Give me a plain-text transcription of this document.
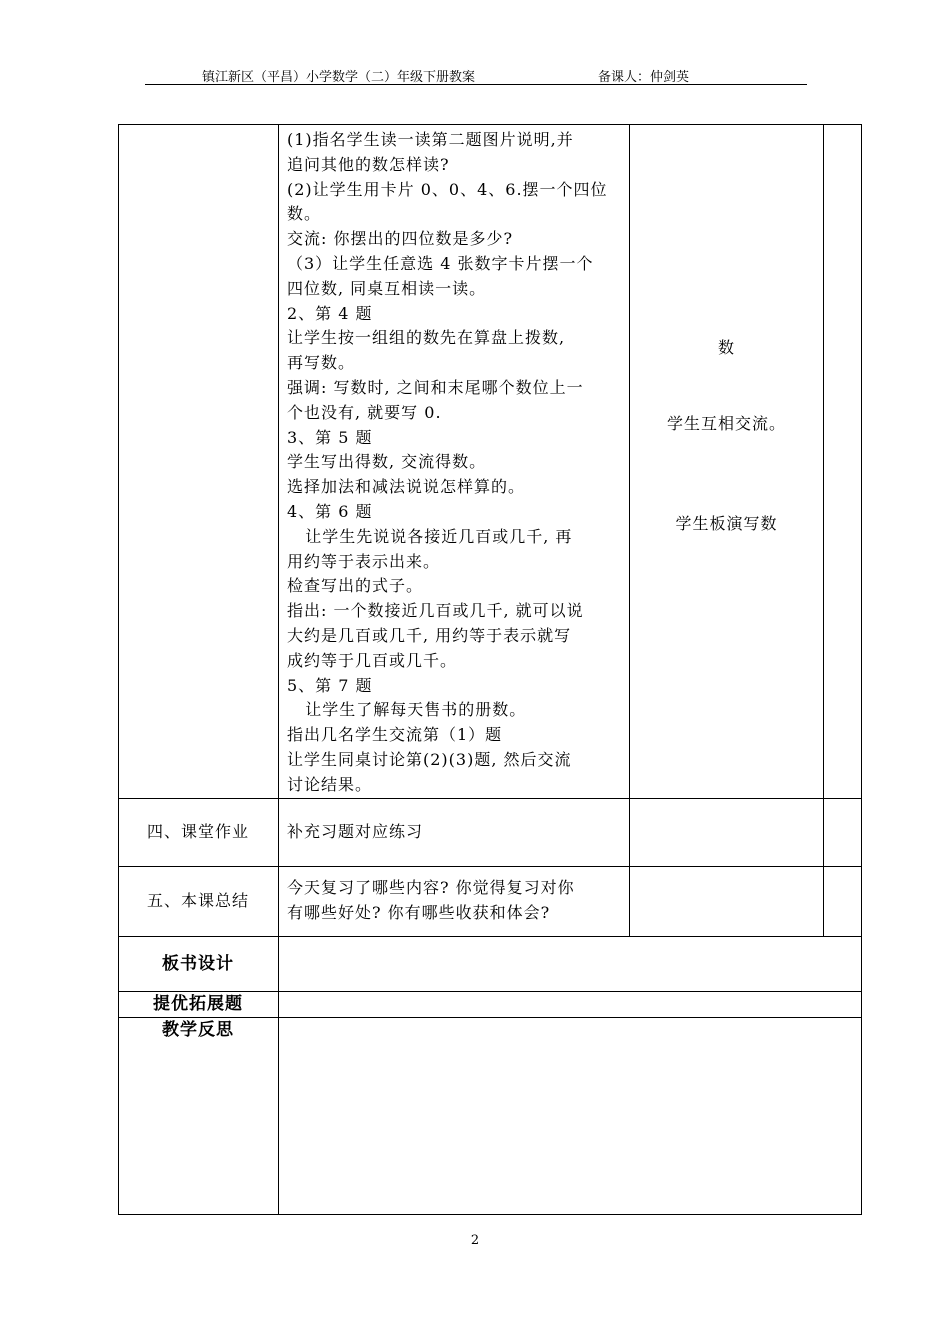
镇江新区（平昌）小学数学（二）年级下册教案	备课人：仲剑英
(1)指名学生读一读第二题图片说明,并
追问其他的数怎样读?
(2)让学生用卡片 0、0、4、6.摆一个四位
数。
交流: 你摆出的四位数是多少?
（3）让学生任意选 4 张数字卡片摆一个
四位数, 同桌互相读一读。
2、第 4 题
让学生按一组组的数先在算盘上拨数,
再写数。
强调: 写数时, 之间和末尾哪个数位上一
个也没有, 就要写 0.
3、第 5 题
学生写出得数, 交流得数。
选择加法和减法说说怎样算的。
4、第 6 题
让学生先说说各接近几百或几千, 再
用约等于表示出来。
检查写出的式子。
指出: 一个数接近几百或几千, 就可以说
大约是几百或几千, 用约等于表示就写
成约等于几百或几千。
5、第 7 题
让学生了解每天售书的册数。
指出几名学生交流第（1）题
让学生同桌讨论第(2)(3)题, 然后交流
讨论结果。
数
学生互相交流。
学生板演写数
四、课堂作业	补充习题对应练习
五、本课总结
今天复习了哪些内容? 你觉得复习对你
有哪些好处? 你有哪些收获和体会?
板书设计
提优拓展题
教学反思
2
